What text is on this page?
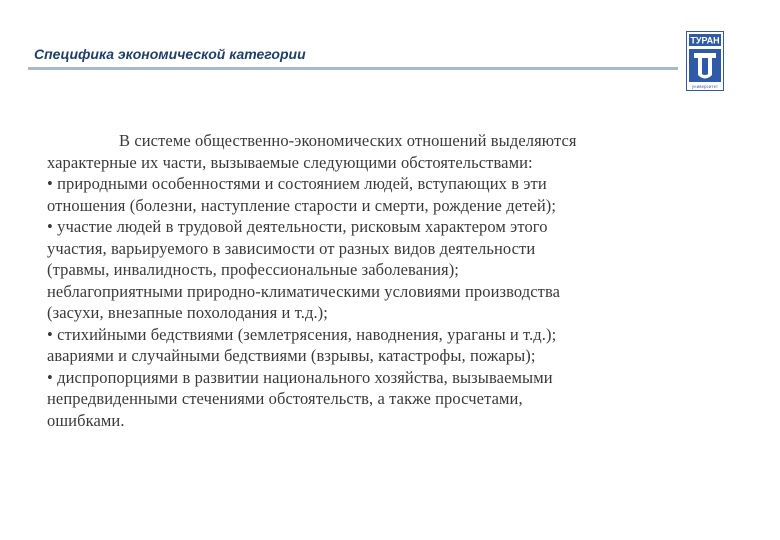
Специфика экономической категории
ТУРАН
университет

В системе общественно-экономических отношений выделяются
характерные их части, вызываемые следующими обстоятельствами:

• природными особенностями и состоянием людей, вступающих в эти
отношения (болезни, наступление старости и смерти, рождение детей);

• участие людей в трудовой деятельности, рисковым характером этого
участия, варьируемого в зависимости от разных видов деятельности
(травмы, инвалидность, профессиональные заболевания);
неблагоприятными природно-климатическими условиями производства
(засухи, внезапные похолодания и т.д.);

• стихийными бедствиями (землетрясения, наводнения, ураганы и т.д.);
авариями и случайными бедствиями (взрывы, катастрофы, пожары);

• диспропорциями в развитии национального хозяйства, вызываемыми
непредвиденными стечениями обстоятельств, а также просчетами,
ошибками.
